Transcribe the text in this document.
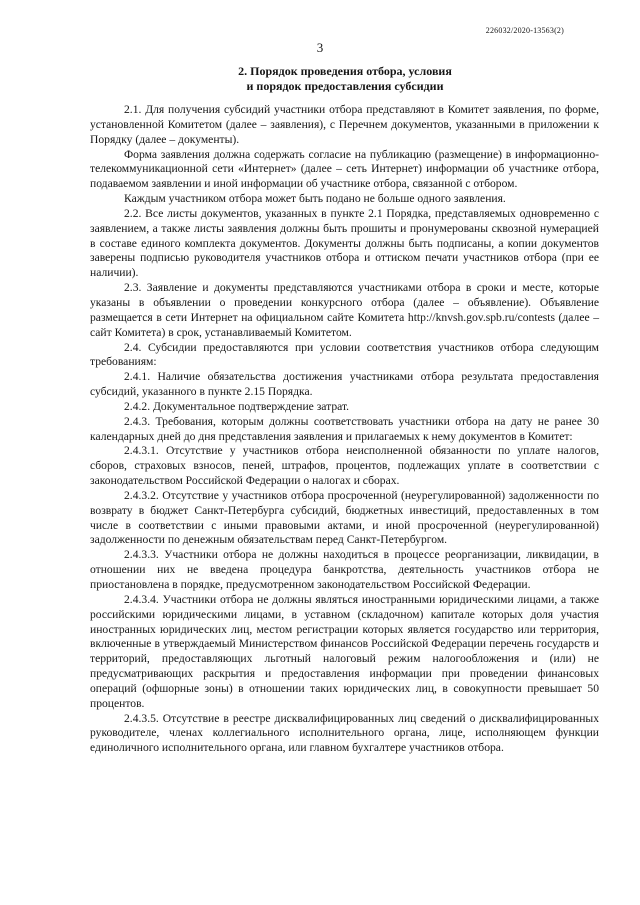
226032/2020-13563(2)
3
2. Порядок проведения отбора, условия
и порядок предоставления субсидии

2.1. Для получения субсидий участники отбора представляют в Комитет заявления, по форме, установленной Комитетом (далее – заявления), с Перечнем документов, указанными в приложении к Порядку (далее – документы).

Форма заявления должна содержать согласие на публикацию (размещение) в информационно-телекоммуникационной сети «Интернет» (далее – сеть Интернет) информации об участнике отбора, подаваемом заявлении и иной информации об участнике отбора, связанной с отбором.

Каждым участником отбора может быть подано не больше одного заявления.

2.2. Все листы документов, указанных в пункте 2.1 Порядка, представляемых одновременно с заявлением, а также листы заявления должны быть прошиты и пронумерованы сквозной нумерацией в составе единого комплекта документов. Документы должны быть подписаны, а копии документов заверены подписью руководителя участников отбора и оттиском печати участников отбора (при ее наличии).

2.3. Заявление и документы представляются участниками отбора в сроки и месте, которые указаны в объявлении о проведении конкурсного отбора (далее – объявление). Объявление размещается в сети Интернет на официальном сайте Комитета http://knvsh.gov.spb.ru/contests (далее – сайт Комитета) в срок, устанавливаемый Комитетом.

2.4. Субсидии предоставляются при условии соответствия участников отбора следующим требованиям:

2.4.1. Наличие обязательства достижения участниками отбора результата предоставления субсидий, указанного в пункте 2.15 Порядка.

2.4.2. Документальное подтверждение затрат.

2.4.3. Требования, которым должны соответствовать участники отбора на дату не ранее 30 календарных дней до дня представления заявления и прилагаемых к нему документов в Комитет:

2.4.3.1. Отсутствие у участников отбора неисполненной обязанности по уплате налогов, сборов, страховых взносов, пеней, штрафов, процентов, подлежащих уплате в соответствии с законодательством Российской Федерации о налогах и сборах.

2.4.3.2. Отсутствие у участников отбора просроченной (неурегулированной) задолженности по возврату в бюджет Санкт-Петербурга субсидий, бюджетных инвестиций, предоставленных в том числе в соответствии с иными правовыми актами, и иной просроченной (неурегулированной) задолженности по денежным обязательствам перед Санкт-Петербургом.

2.4.3.3. Участники отбора не должны находиться в процессе реорганизации, ликвидации, в отношении них не введена процедура банкротства, деятельность участников отбора не приостановлена в порядке, предусмотренном законодательством Российской Федерации.

2.4.3.4. Участники отбора не должны являться иностранными юридическими лицами, а также российскими юридическими лицами, в уставном (складочном) капитале которых доля участия иностранных юридических лиц, местом регистрации которых является государство или территория, включенные в утверждаемый Министерством финансов Российской Федерации перечень государств и территорий, предоставляющих льготный налоговый режим налогообложения и (или) не предусматривающих раскрытия и предоставления информации при проведении финансовых операций (офшорные зоны) в отношении таких юридических лиц, в совокупности превышает 50 процентов.

2.4.3.5. Отсутствие в реестре дисквалифицированных лиц сведений о дисквалифицированных руководителе, членах коллегиального исполнительного органа, лице, исполняющем функции единоличного исполнительного органа, или главном бухгалтере участников отбора.
